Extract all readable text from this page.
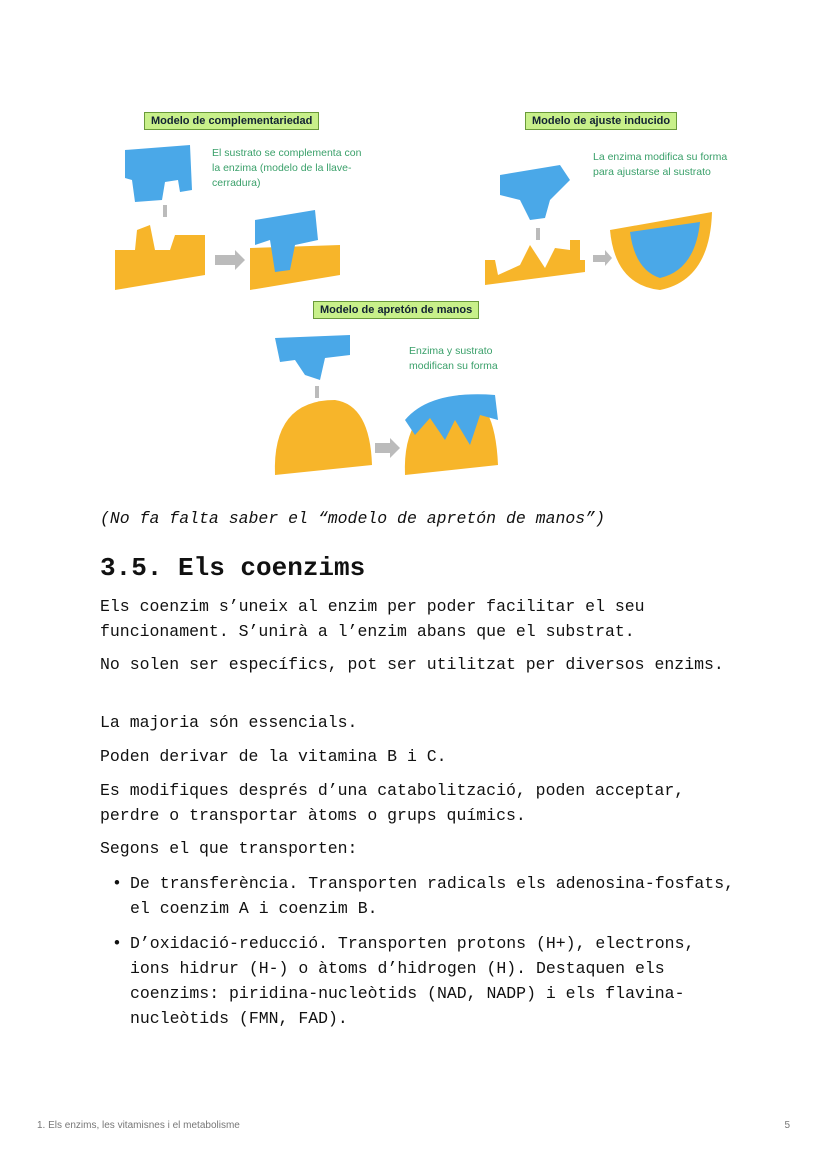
Modelo de complementariedad
El sustrato se complementa con la enzima (modelo de la llave-cerradura)
Modelo de ajuste inducido
La enzima modifica su forma para ajustarse al sustrato
Modelo de apretón de manos
Enzima y sustrato modifican su forma

(No fa falta saber el “modelo de apretón de manos”)

3.5. Els coenzims

Els coenzim s’uneix al enzim per poder facilitar el seu funcionament. S’unirà a l’enzim abans que el substrat.

No solen ser específics, pot ser utilitzat per diversos enzims.

La majoria són essencials.

Poden derivar de la vitamina B i C.

Es modifiques després d’una catabolització, poden acceptar, perdre o transportar àtoms o grups químics.

Segons el que transporten:

• De transferència. Transporten radicals els adenosina-fosfats, el coenzim A i coenzim B.
• D’oxidació-reducció. Transporten protons (H+), electrons, ions hidrur (H-) o àtoms d’hidrogen (H). Destaquen els coenzims: piridina-nucleòtids (NAD, NADP) i els flavina-nucleòtids (FMN, FAD).
1. Els enzims, les vitamisnes i el metabolisme	5
